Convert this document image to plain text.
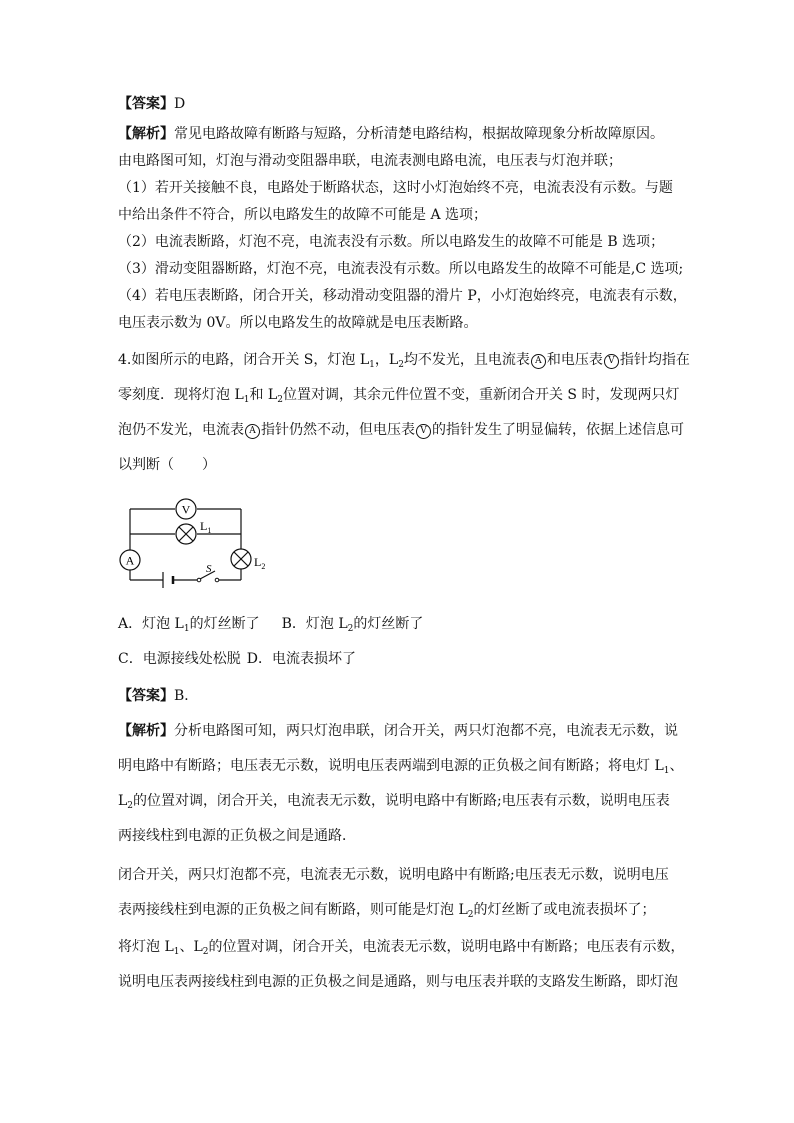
【答案】D
【解析】常见电路故障有断路与短路，分析清楚电路结构，根据故障现象分析故障原因。
由电路图可知，灯泡与滑动变阻器串联，电流表测电路电流，电压表与灯泡并联；
（1）若开关接触不良，电路处于断路状态，这时小灯泡始终不亮，电流表没有示数。与题
中给出条件不符合，所以电路发生的故障不可能是 A 选项；
（2）电流表断路，灯泡不亮，电流表没有示数。所以电路发生的故障不可能是 B 选项；
（3）滑动变阻器断路，灯泡不亮，电流表没有示数。所以电路发生的故障不可能是,C 选项;
（4）若电压表断路，闭合开关，移动滑动变阻器的滑片 P，小灯泡始终亮，电流表有示数，
电压表示数为 0V。所以电路发生的故障就是电压表断路。
4.如图所示的电路，闭合开关 S，灯泡 $L_1$，$L_2$均不发光，且电流表 A 和电压表 V 指针均指在
零刻度．现将灯泡 $L_1$和 $L_2$位置对调，其余元件位置不变，重新闭合开关 S 时，发现两只灯
泡仍不发光，电流表 A 指针仍然不动，但电压表 V 的指针发生了明显偏转，依据上述信息可
以判断（　　）
V
$L_1$
A	$L_2$
S
A．灯泡 $L_1$的灯丝断了 B．灯泡 $L_2$的灯丝断了
C．电源接线处松脱 D．电流表损坏了
【答案】B．
【解析】分析电路图可知，两只灯泡串联，闭合开关，两只灯泡都不亮，电流表无示数，说
明电路中有断路；电压表无示数，说明电压表两端到电源的正负极之间有断路；将电灯 $L_1$、
$L_2$的位置对调，闭合开关，电流表无示数，说明电路中有断路;电压表有示数，说明电压表
两接线柱到电源的正负极之间是通路．
闭合开关，两只灯泡都不亮，电流表无示数，说明电路中有断路;电压表无示数，说明电压
表两接线柱到电源的正负极之间有断路，则可能是灯泡 $L_2$的灯丝断了或电流表损坏了；
将灯泡 $L_1$、$L_2$的位置对调，闭合开关，电流表无示数，说明电路中有断路；电压表有示数，
说明电压表两接线柱到电源的正负极之间是通路，则与电压表并联的支路发生断路，即灯泡
